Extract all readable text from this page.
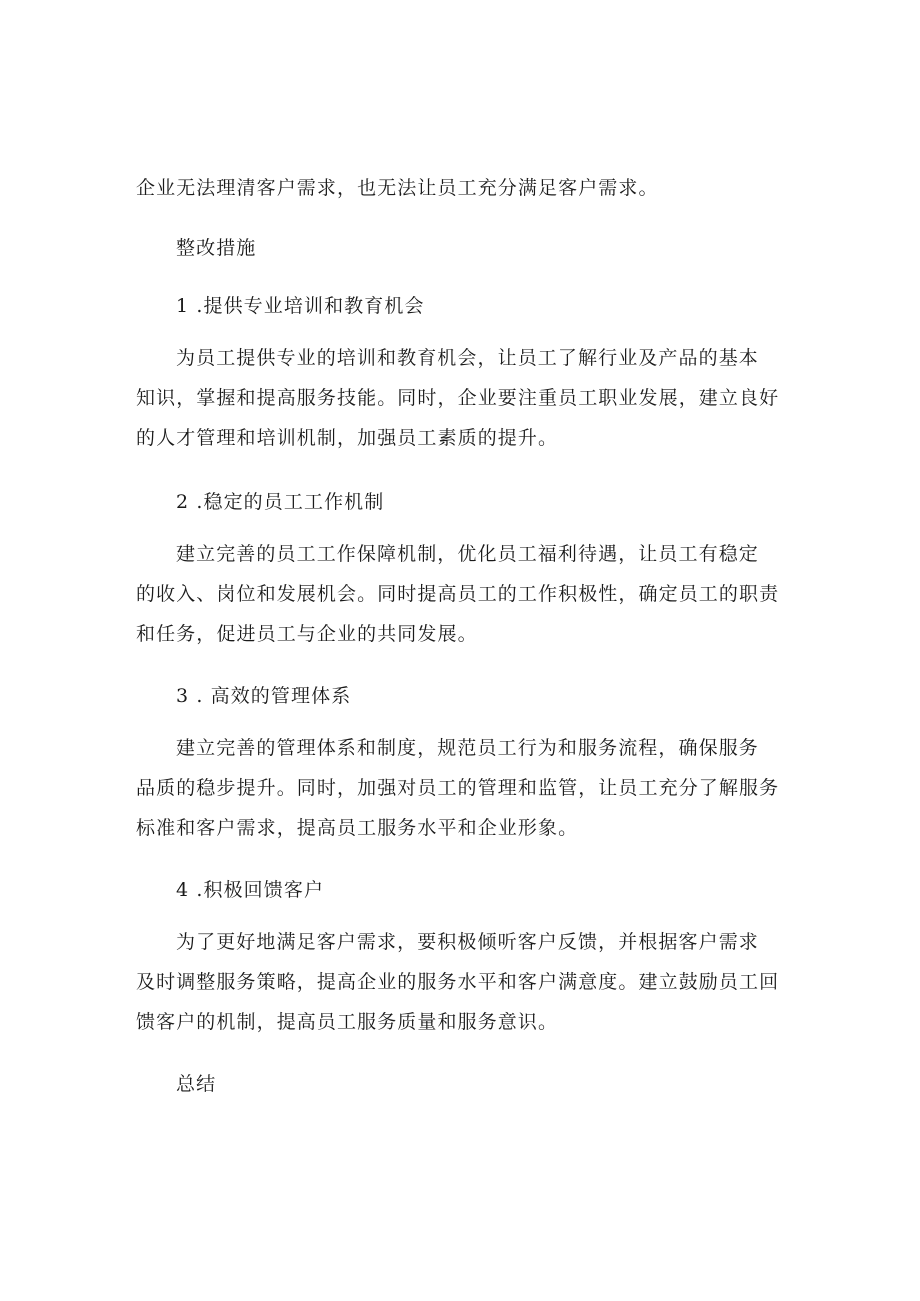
企业无法理清客户需求，也无法让员工充分满足客户需求。
整改措施
1 .提供专业培训和教育机会
为员工提供专业的培训和教育机会，让员工了解行业及产品的基本
知识，掌握和提高服务技能。同时，企业要注重员工职业发展，建立良好
的人才管理和培训机制，加强员工素质的提升。
2 .稳定的员工工作机制
建立完善的员工工作保障机制，优化员工福利待遇，让员工有稳定
的收入、岗位和发展机会。同时提高员工的工作积极性，确定员工的职责
和任务，促进员工与企业的共同发展。
3 . 高效的管理体系
建立完善的管理体系和制度，规范员工行为和服务流程，确保服务
品质的稳步提升。同时，加强对员工的管理和监管，让员工充分了解服务
标准和客户需求，提高员工服务水平和企业形象。
4 .积极回馈客户
为了更好地满足客户需求，要积极倾听客户反馈，并根据客户需求
及时调整服务策略，提高企业的服务水平和客户满意度。建立鼓励员工回
馈客户的机制，提高员工服务质量和服务意识。
总结
